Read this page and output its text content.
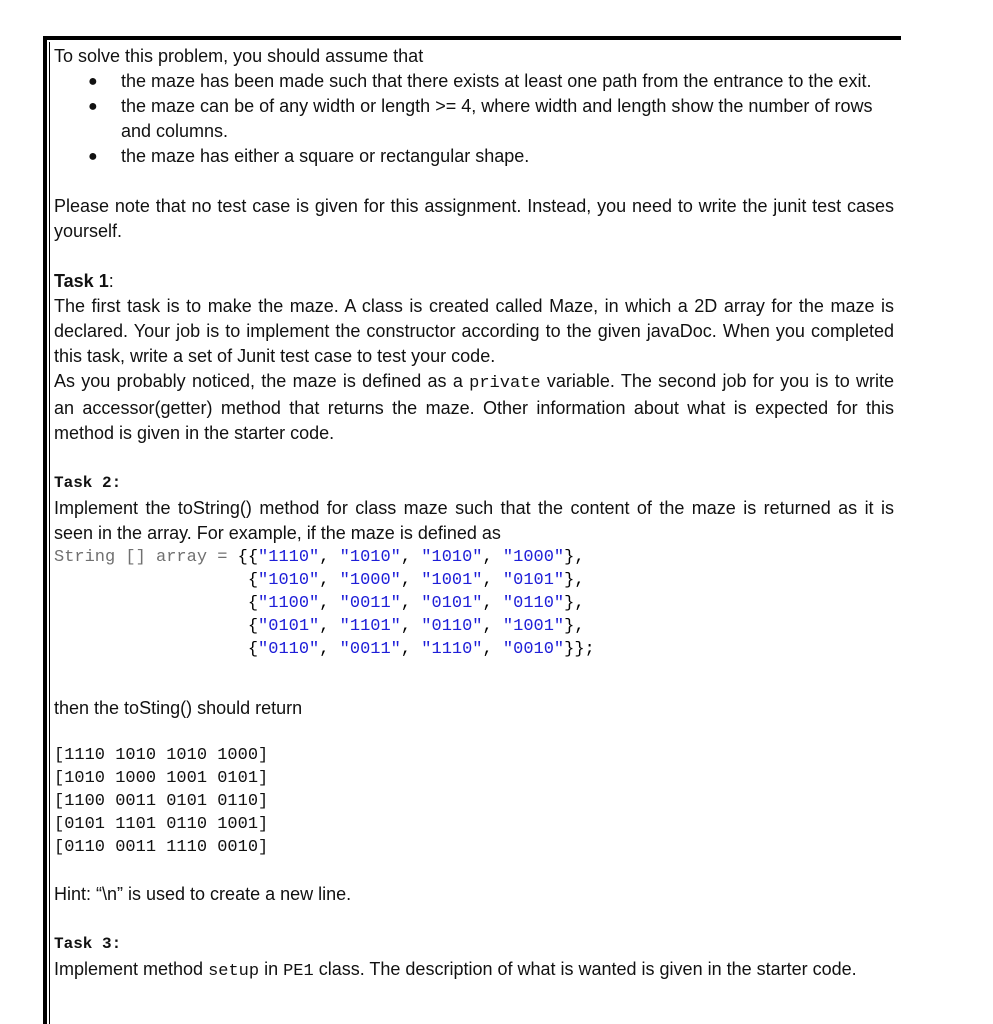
To solve this problem, you should assume that

● the maze has been made such that there exists at least one path from the entrance to the exit.
● the maze can be of any width or length >= 4, where width and length show the number of rows and columns.
● the maze has either a square or rectangular shape.

Please note that no test case is given for this assignment. Instead, you need to write the junit test cases yourself.

Task 1:

The first task is to make the maze. A class is created called Maze, in which a 2D array for the maze is declared. Your job is to implement the constructor according to the given javaDoc. When you completed this task, write a set of Junit test case to test your code.

As you probably noticed, the maze is defined as a private variable. The second job for you is to write an accessor(getter) method that returns the maze. Other information about what is expected for this method is given in the starter code.

Task 2:

Implement the toString() method for class maze such that the content of the maze is returned as it is seen in the array. For example, if the maze is defined as

String [] array = {{"1110", "1010", "1010", "1000"},
{"1010", "1000", "1001", "0101"},
{"1100", "0011", "0101", "0110"},
{"0101", "1101", "0110", "1001"},
{"0110", "0011", "1110", "0010"}};

then the toSting() should return

[1110 1010 1010 1000]
[1010 1000 1001 0101]
[1100 0011 0101 0110]
[0101 1101 0110 1001]
[0110 0011 1110 0010]

Hint: “\n” is used to create a new line.

Task 3:

Implement method setup in PE1 class. The description of what is wanted is given in the starter code.
